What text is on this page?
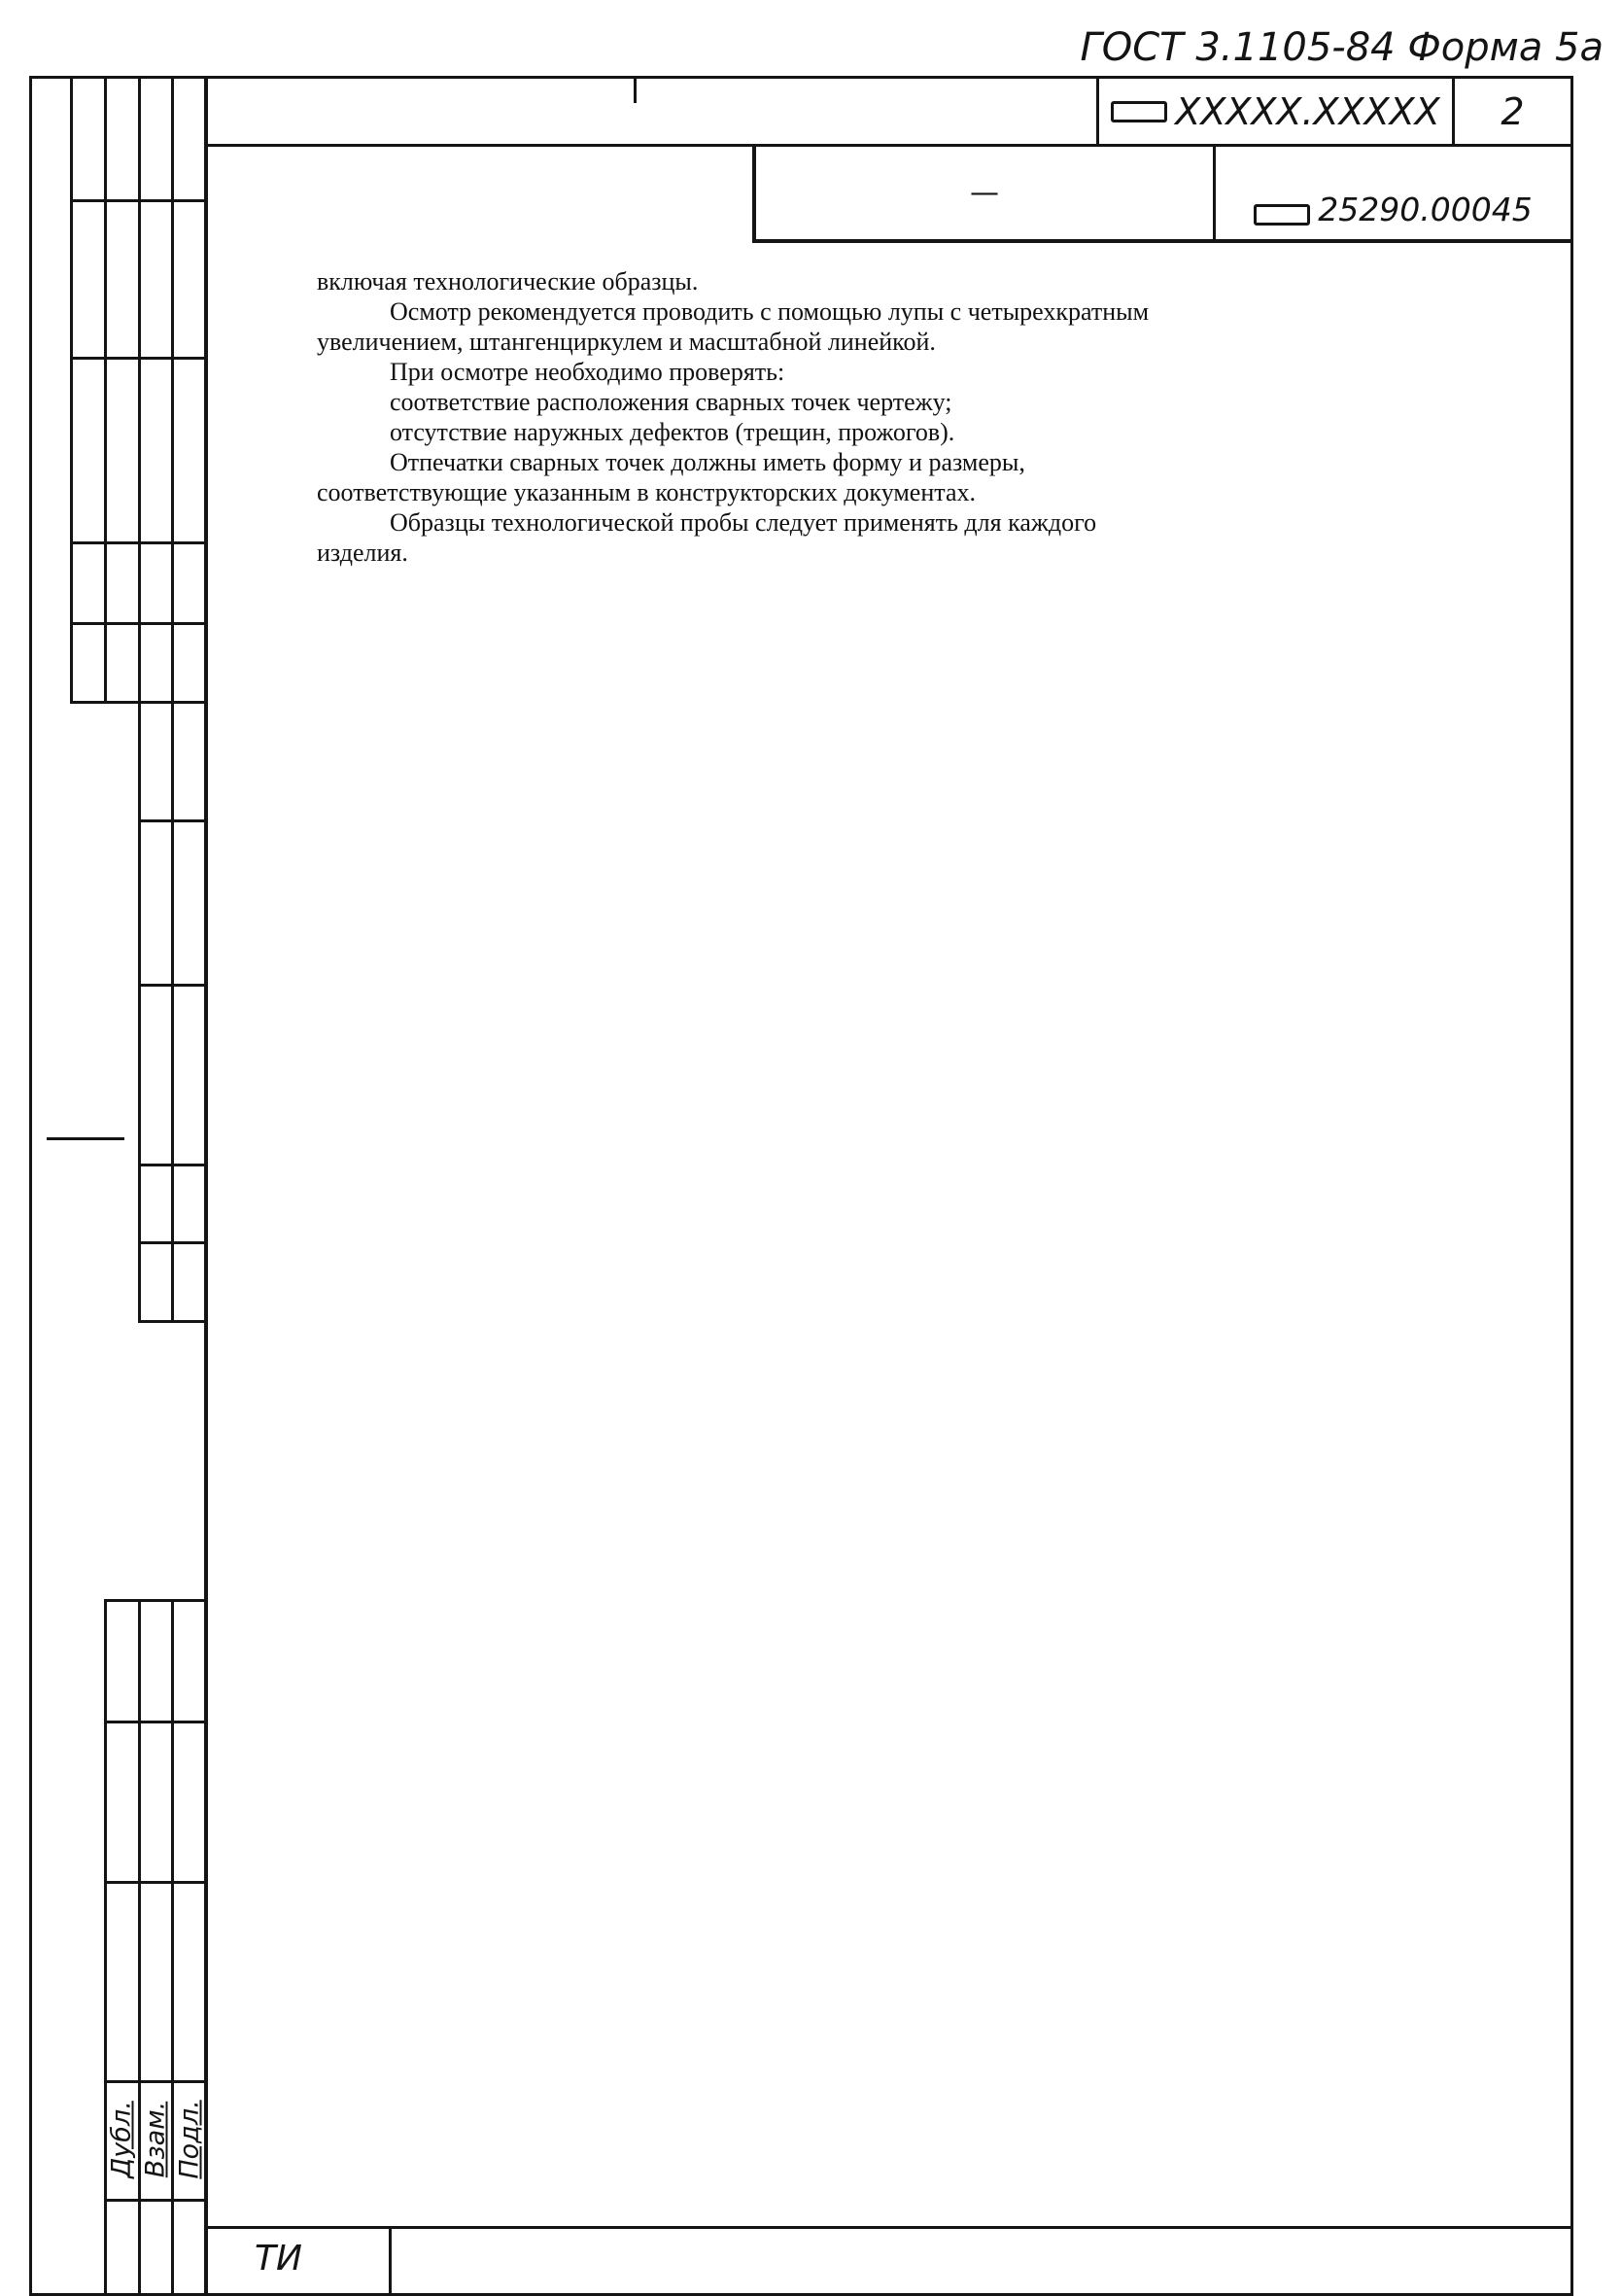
ГОСТ 3.1105-84 Форма 5а
XXXXX.XXXXX 2
—	25290.00045

включая технологические образцы.

Осмотр рекомендуется проводить с помощью лупы с четырехкратным

увеличением, штангенциркулем и масштабной линейкой.

При осмотре необходимо проверять:

соответствие расположения сварных точек чертежу;

отсутствие наружных дефектов (трещин, прожогов).

Отпечатки сварных точек должны иметь форму и размеры,

соответствующие указанным в конструкторских документах.

Образцы технологической пробы следует применять для каждого

изделия.

Дубл. Взам. Подл.
ТИ
